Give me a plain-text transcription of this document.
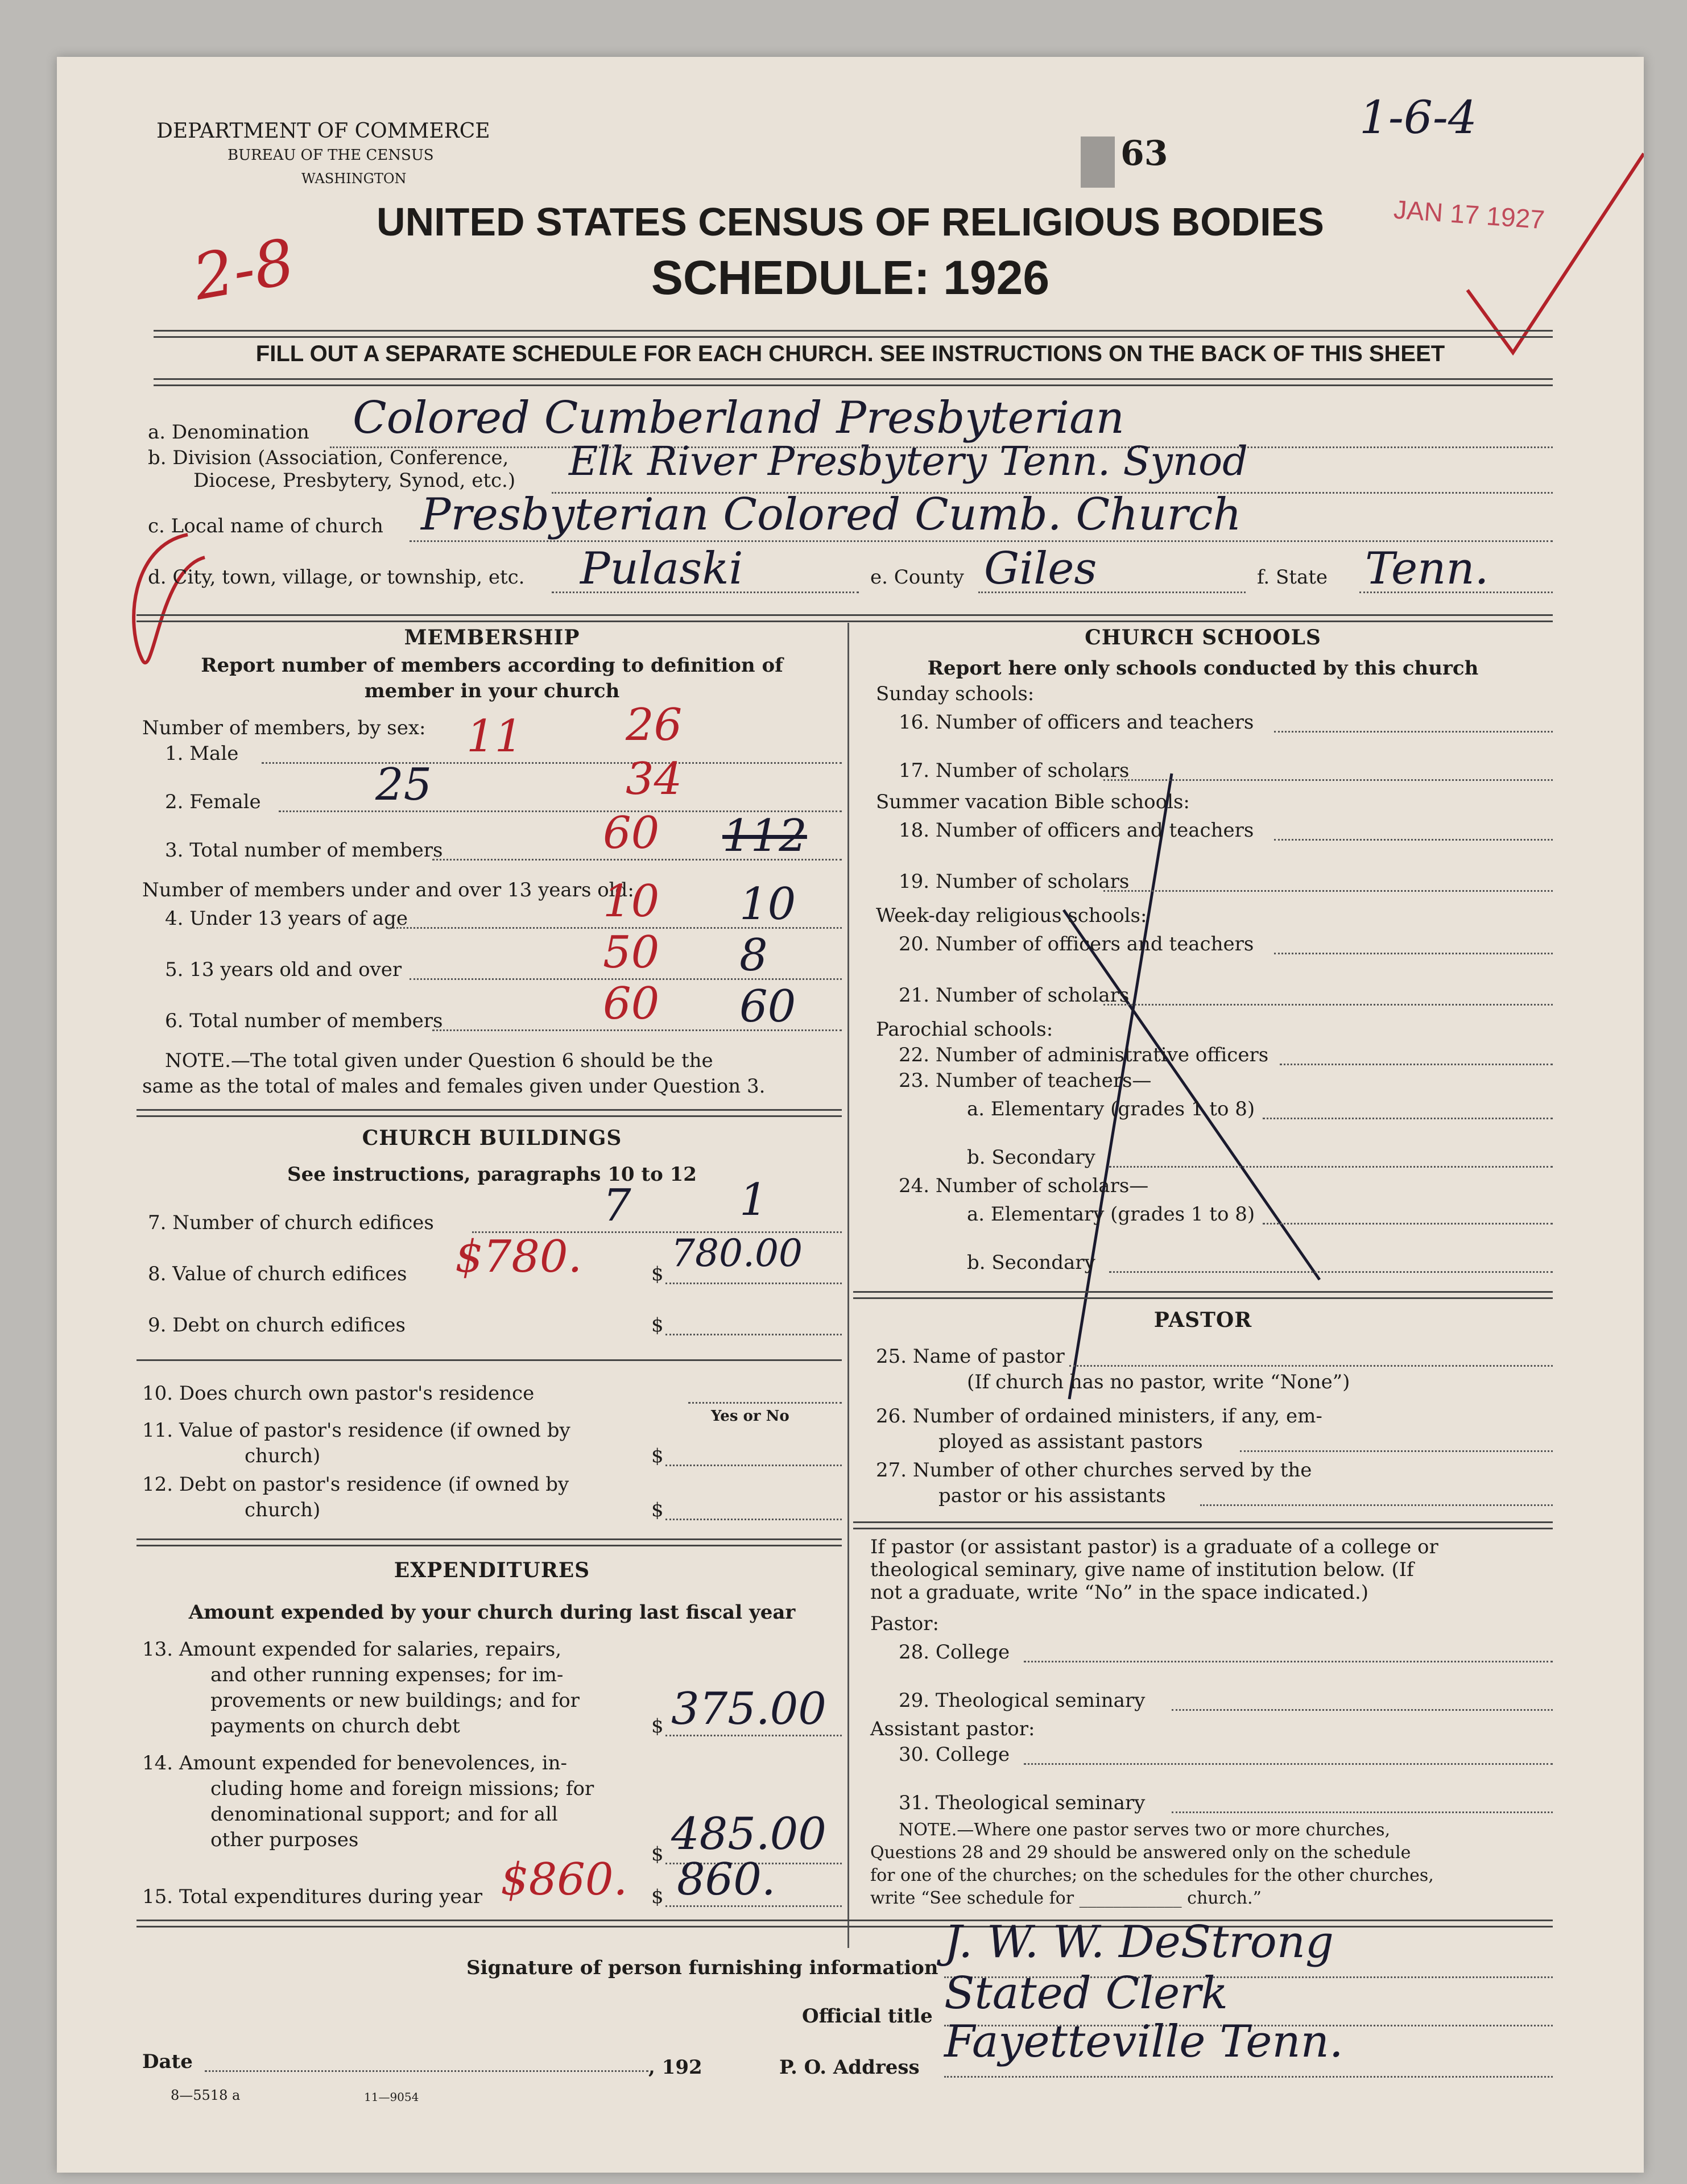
DEPARTMENT OF COMMERCE
BUREAU OF THE CENSUS
WASHINGTON
63
1-6-4
JAN 17 1927
2-8
UNITED STATES CENSUS OF RELIGIOUS BODIES
SCHEDULE: 1926
FILL OUT A SEPARATE SCHEDULE FOR EACH CHURCH. SEE INSTRUCTIONS ON THE BACK OF THIS SHEET
a. Denomination Colored Cumberland Presbyterian
b. Division (Association, Conference,
Diocese, Presbytery, Synod, etc.) Elk River Presbytery Tenn. Synod
c. Local name of church Presbyterian Colored Cumb. Church
d. City, town, village, or township, etc. Pulaski	e. County Giles	f. State Tenn.
MEMBERSHIP
Report number of members according to definition of
member in your church
Number of members, by sex:
1. Male	11 26
2. Female	25	34
3. Total number of members	60 112
Number of members under and over 13 years old:
4. Under 13 years of age	10 10
5. 13 years old and over	50 8
6. Total number of members	60 60
NOTE.—The total given under Question 6 should be the
same as the total of males and females given under Question 3.
CHURCH BUILDINGS
See instructions, paragraphs 10 to 12
7. Number of church edifices	7 1
8. Value of church edifices $780.	$ 780.00
9. Debt on church edifices	$
10. Does church own pastor's residence
Yes or No
11. Value of pastor's residence (if owned by
church)	$
12. Debt on pastor's residence (if owned by
church)	$
EXPENDITURES
Amount expended by your church during last fiscal year
13. Amount expended for salaries, repairs,
and other running expenses; for im-
provements or new buildings; and for
payments on church debt	$ 375.00
14. Amount expended for benevolences, in-
cluding home and foreign missions; for
denominational support; and for all
other purposes
$ 485.00
15. Total expenditures during year $860. $ 860.
CHURCH SCHOOLS
Report here only schools conducted by this church
Sunday schools:
16. Number of officers and teachers
17. Number of scholars
Summer vacation Bible schools:
18. Number of officers and teachers
19. Number of scholars
Week-day religious schools:
20. Number of officers and teachers
21. Number of scholars
Parochial schools:
22. Number of administrative officers
23. Number of teachers—
a. Elementary (grades 1 to 8)
b. Secondary
24. Number of scholars—
a. Elementary (grades 1 to 8)
b. Secondary
PASTOR
25. Name of pastor
(If church has no pastor, write “None”)
26. Number of ordained ministers, if any, em-
ployed as assistant pastors
27. Number of other churches served by the
pastor or his assistants
If pastor (or assistant pastor) is a graduate of a college or
theological seminary, give name of institution below. (If
not a graduate, write “No” in the space indicated.)
Pastor:
28. College
29. Theological seminary
Assistant pastor:
30. College
31. Theological seminary
NOTE.—Where one pastor serves two or more churches,
Questions 28 and 29 should be answered only on the schedule
for one of the churches; on the schedules for the other churches,
write “See schedule for ____________ church.”
Signature of person furnishing information J. W. W. DeStrong
Official title Stated Clerk
Date	, 192	P. O. Address Fayetteville Tenn.
8—5518 a	11—9054
